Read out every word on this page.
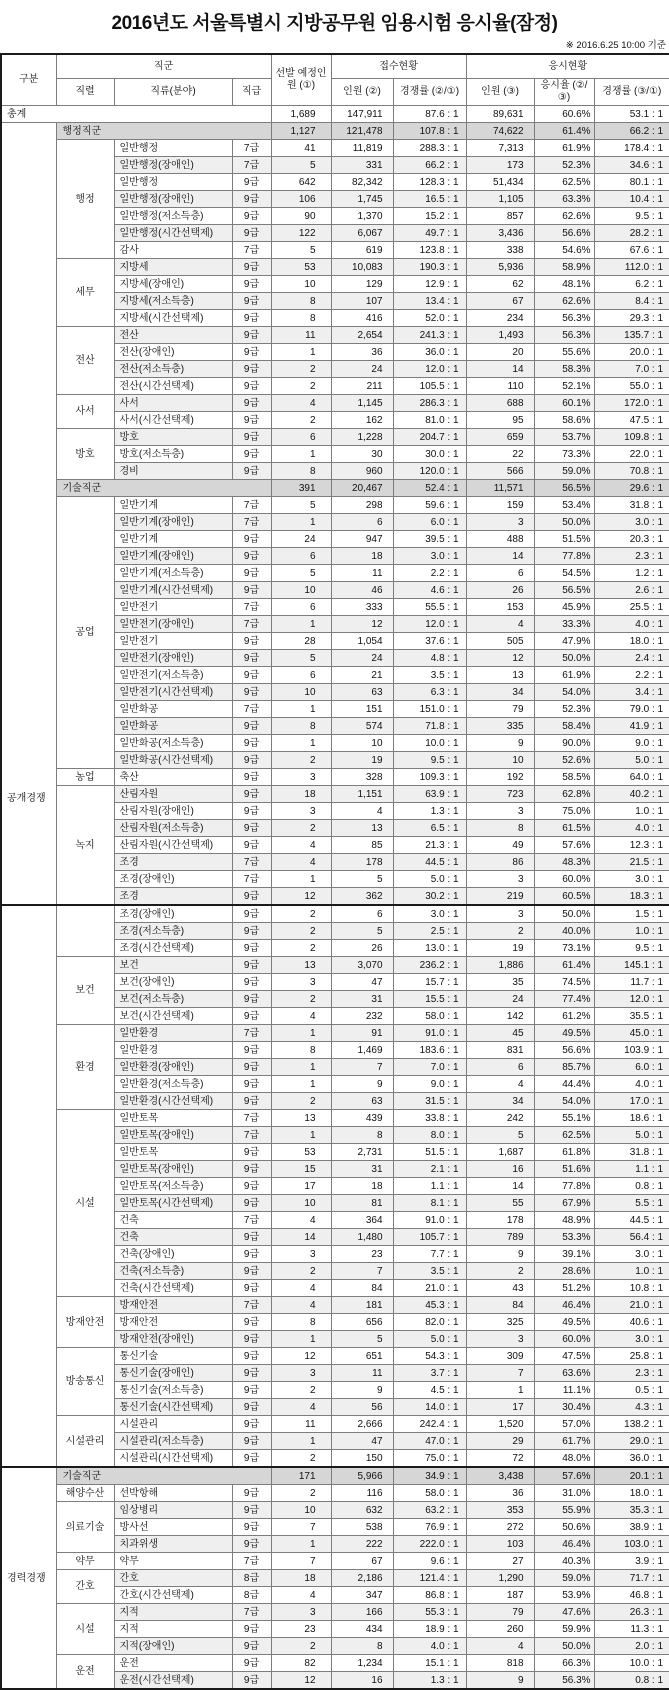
2016년도 서울특별시 지방공무원 임용시험 응시율(잠정)
※ 2016.6.25 10:00 기준
구분	직군			선발 예정인원 (①)	접수현황		응시현황		
	직렬	직류(분야)	직급		인원 (②)	경쟁률 (②/①)	인원 (③)	응시율 (②/③)	경쟁률 (③/①)
총계				1,689	147,911	87.6 : 1	89,631	60.6%	53.1 : 1
공개경쟁	행정직군			1,127	121,478	107.8 : 1	74,622	61.4%	66.2 : 1
	행정	일반행정	7급	41	11,819	288.3 : 1	7,313	61.9%	178.4 : 1
		일반행정(장애인)	7급	5	331	66.2 : 1	173	52.3%	34.6 : 1
		일반행정	9급	642	82,342	128.3 : 1	51,434	62.5%	80.1 : 1
		일반행정(장애인)	9급	106	1,745	16.5 : 1	1,105	63.3%	10.4 : 1
		일반행정(저소득층)	9급	90	1,370	15.2 : 1	857	62.6%	9.5 : 1
		일반행정(시간선택제)	9급	122	6,067	49.7 : 1	3,436	56.6%	28.2 : 1
		감사	7급	5	619	123.8 : 1	338	54.6%	67.6 : 1
	세무	지방세	9급	53	10,083	190.3 : 1	5,936	58.9%	112.0 : 1
		지방세(장애인)	9급	10	129	12.9 : 1	62	48.1%	6.2 : 1
		지방세(저소득층)	9급	8	107	13.4 : 1	67	62.6%	8.4 : 1
		지방세(시간선택제)	9급	8	416	52.0 : 1	234	56.3%	29.3 : 1
	전산	전산	9급	11	2,654	241.3 : 1	1,493	56.3%	135.7 : 1
		전산(장애인)	9급	1	36	36.0 : 1	20	55.6%	20.0 : 1
		전산(저소득층)	9급	2	24	12.0 : 1	14	58.3%	7.0 : 1
		전산(시간선택제)	9급	2	211	105.5 : 1	110	52.1%	55.0 : 1
	사서	사서	9급	4	1,145	286.3 : 1	688	60.1%	172.0 : 1
		사서(시간선택제)	9급	2	162	81.0 : 1	95	58.6%	47.5 : 1
	방호	방호	9급	6	1,228	204.7 : 1	659	53.7%	109.8 : 1
		방호(저소득층)	9급	1	30	30.0 : 1	22	73.3%	22.0 : 1
		경비	9급	8	960	120.0 : 1	566	59.0%	70.8 : 1
	기술직군			391	20,467	52.4 : 1	11,571	56.5%	29.6 : 1
	공업	일반기계	7급	5	298	59.6 : 1	159	53.4%	31.8 : 1
		일반기계(장애인)	7급	1	6	6.0 : 1	3	50.0%	3.0 : 1
		일반기계	9급	24	947	39.5 : 1	488	51.5%	20.3 : 1
		일반기계(장애인)	9급	6	18	3.0 : 1	14	77.8%	2.3 : 1
		일반기계(저소득층)	9급	5	11	2.2 : 1	6	54.5%	1.2 : 1
		일반기계(시간선택제)	9급	10	46	4.6 : 1	26	56.5%	2.6 : 1
		일반전기	7급	6	333	55.5 : 1	153	45.9%	25.5 : 1
		일반전기(장애인)	7급	1	12	12.0 : 1	4	33.3%	4.0 : 1
		일반전기	9급	28	1,054	37.6 : 1	505	47.9%	18.0 : 1
		일반전기(장애인)	9급	5	24	4.8 : 1	12	50.0%	2.4 : 1
		일반전기(저소득층)	9급	6	21	3.5 : 1	13	61.9%	2.2 : 1
		일반전기(시간선택제)	9급	10	63	6.3 : 1	34	54.0%	3.4 : 1
		일반화공	7급	1	151	151.0 : 1	79	52.3%	79.0 : 1
		일반화공	9급	8	574	71.8 : 1	335	58.4%	41.9 : 1
		일반화공(저소득층)	9급	1	10	10.0 : 1	9	90.0%	9.0 : 1
		일반화공(시간선택제)	9급	2	19	9.5 : 1	10	52.6%	5.0 : 1
	농업	축산	9급	3	328	109.3 : 1	192	58.5%	64.0 : 1
	녹지	산림자원	9급	18	1,151	63.9 : 1	723	62.8%	40.2 : 1
		산림자원(장애인)	9급	3	4	1.3 : 1	3	75.0%	1.0 : 1
		산림자원(저소득층)	9급	2	13	6.5 : 1	8	61.5%	4.0 : 1
		산림자원(시간선택제)	9급	4	85	21.3 : 1	49	57.6%	12.3 : 1
		조경	7급	4	178	44.5 : 1	86	48.3%	21.5 : 1
		조경(장애인)	7급	1	5	5.0 : 1	3	60.0%	3.0 : 1
		조경	9급	12	362	30.2 : 1	219	60.5%	18.3 : 1
		조경(장애인)	9급	2	6	3.0 : 1	3	50.0%	1.5 : 1
		조경(저소득층)	9급	2	5	2.5 : 1	2	40.0%	1.0 : 1
		조경(시간선택제)	9급	2	26	13.0 : 1	19	73.1%	9.5 : 1
	보건	보건	9급	13	3,070	236.2 : 1	1,886	61.4%	145.1 : 1
		보건(장애인)	9급	3	47	15.7 : 1	35	74.5%	11.7 : 1
		보건(저소득층)	9급	2	31	15.5 : 1	24	77.4%	12.0 : 1
		보건(시간선택제)	9급	4	232	58.0 : 1	142	61.2%	35.5 : 1
	환경	일반환경	7급	1	91	91.0 : 1	45	49.5%	45.0 : 1
		일반환경	9급	8	1,469	183.6 : 1	831	56.6%	103.9 : 1
		일반환경(장애인)	9급	1	7	7.0 : 1	6	85.7%	6.0 : 1
		일반환경(저소득층)	9급	1	9	9.0 : 1	4	44.4%	4.0 : 1
		일반환경(시간선택제)	9급	2	63	31.5 : 1	34	54.0%	17.0 : 1
	시설	일반토목	7급	13	439	33.8 : 1	242	55.1%	18.6 : 1
		일반토목(장애인)	7급	1	8	8.0 : 1	5	62.5%	5.0 : 1
		일반토목	9급	53	2,731	51.5 : 1	1,687	61.8%	31.8 : 1
		일반토목(장애인)	9급	15	31	2.1 : 1	16	51.6%	1.1 : 1
		일반토목(저소득층)	9급	17	18	1.1 : 1	14	77.8%	0.8 : 1
		일반토목(시간선택제)	9급	10	81	8.1 : 1	55	67.9%	5.5 : 1
		건축	7급	4	364	91.0 : 1	178	48.9%	44.5 : 1
		건축	9급	14	1,480	105.7 : 1	789	53.3%	56.4 : 1
		건축(장애인)	9급	3	23	7.7 : 1	9	39.1%	3.0 : 1
		건축(저소득층)	9급	2	7	3.5 : 1	2	28.6%	1.0 : 1
		건축(시간선택제)	9급	4	84	21.0 : 1	43	51.2%	10.8 : 1
	방재안전	방재안전	7급	4	181	45.3 : 1	84	46.4%	21.0 : 1
		방재안전	9급	8	656	82.0 : 1	325	49.5%	40.6 : 1
		방재안전(장애인)	9급	1	5	5.0 : 1	3	60.0%	3.0 : 1
	방송통신	통신기술	9급	12	651	54.3 : 1	309	47.5%	25.8 : 1
		통신기술(장애인)	9급	3	11	3.7 : 1	7	63.6%	2.3 : 1
		통신기술(저소득층)	9급	2	9	4.5 : 1	1	11.1%	0.5 : 1
		통신기술(시간선택제)	9급	4	56	14.0 : 1	17	30.4%	4.3 : 1
	시설관리	시설관리	9급	11	2,666	242.4 : 1	1,520	57.0%	138.2 : 1
		시설관리(저소득층)	9급	1	47	47.0 : 1	29	61.7%	29.0 : 1
		시설관리(시간선택제)	9급	2	150	75.0 : 1	72	48.0%	36.0 : 1
경력경쟁	기술직군			171	5,966	34.9 : 1	3,438	57.6%	20.1 : 1
	해양수산	선박항해	9급	2	116	58.0 : 1	36	31.0%	18.0 : 1
	의료기술	임상병리	9급	10	632	63.2 : 1	353	55.9%	35.3 : 1
		방사선	9급	7	538	76.9 : 1	272	50.6%	38.9 : 1
		치과위생	9급	1	222	222.0 : 1	103	46.4%	103.0 : 1
	약무	약무	7급	7	67	9.6 : 1	27	40.3%	3.9 : 1
	간호	간호	8급	18	2,186	121.4 : 1	1,290	59.0%	71.7 : 1
		간호(시간선택제)	8급	4	347	86.8 : 1	187	53.9%	46.8 : 1
	시설	지적	7급	3	166	55.3 : 1	79	47.6%	26.3 : 1
		지적	9급	23	434	18.9 : 1	260	59.9%	11.3 : 1
		지적(장애인)	9급	2	8	4.0 : 1	4	50.0%	2.0 : 1
	운전	운전	9급	82	1,234	15.1 : 1	818	66.3%	10.0 : 1
		운전(시간선택제)	9급	12	16	1.3 : 1	9	56.3%	0.8 : 1
